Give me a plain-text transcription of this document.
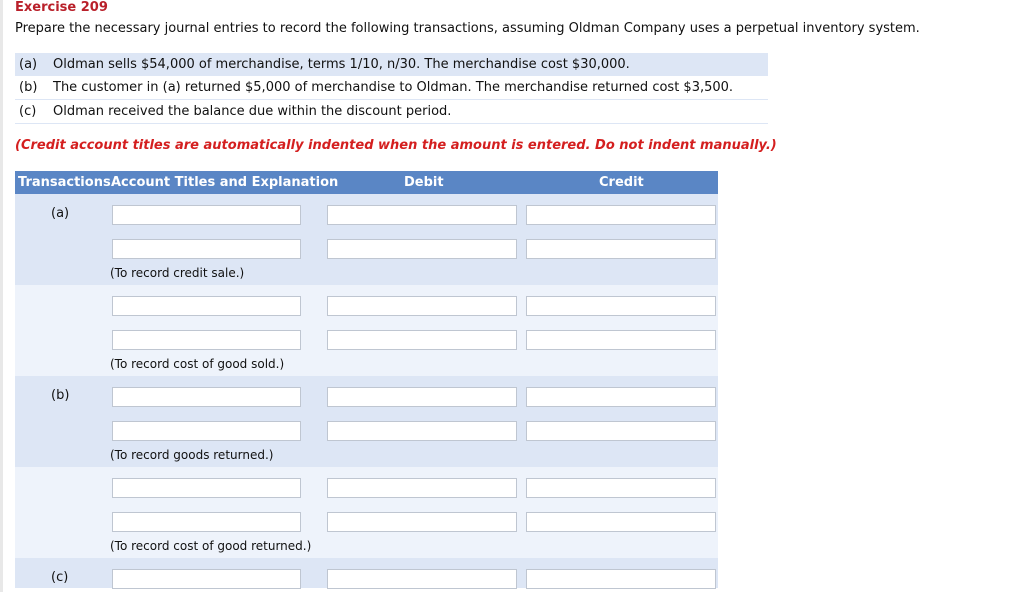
Exercise 209
Prepare the necessary journal entries to record the following transactions, assuming Oldman Company uses a perpetual inventory system.
(a) Oldman sells $54,000 of merchandise, terms 1/10, n/30. The merchandise cost $30,000.
(b) The customer in (a) returned $5,000 of merchandise to Oldman. The merchandise returned cost $3,500.
(c) Oldman received the balance due within the discount period.
(Credit account titles are automatically indented when the amount is entered. Do not indent manually.)
Transactions Account Titles and Explanation	Debit	Credit
(a)
(To record credit sale.)
(To record cost of good sold.)
(b)
(To record goods returned.)
(To record cost of good returned.)
(c)
